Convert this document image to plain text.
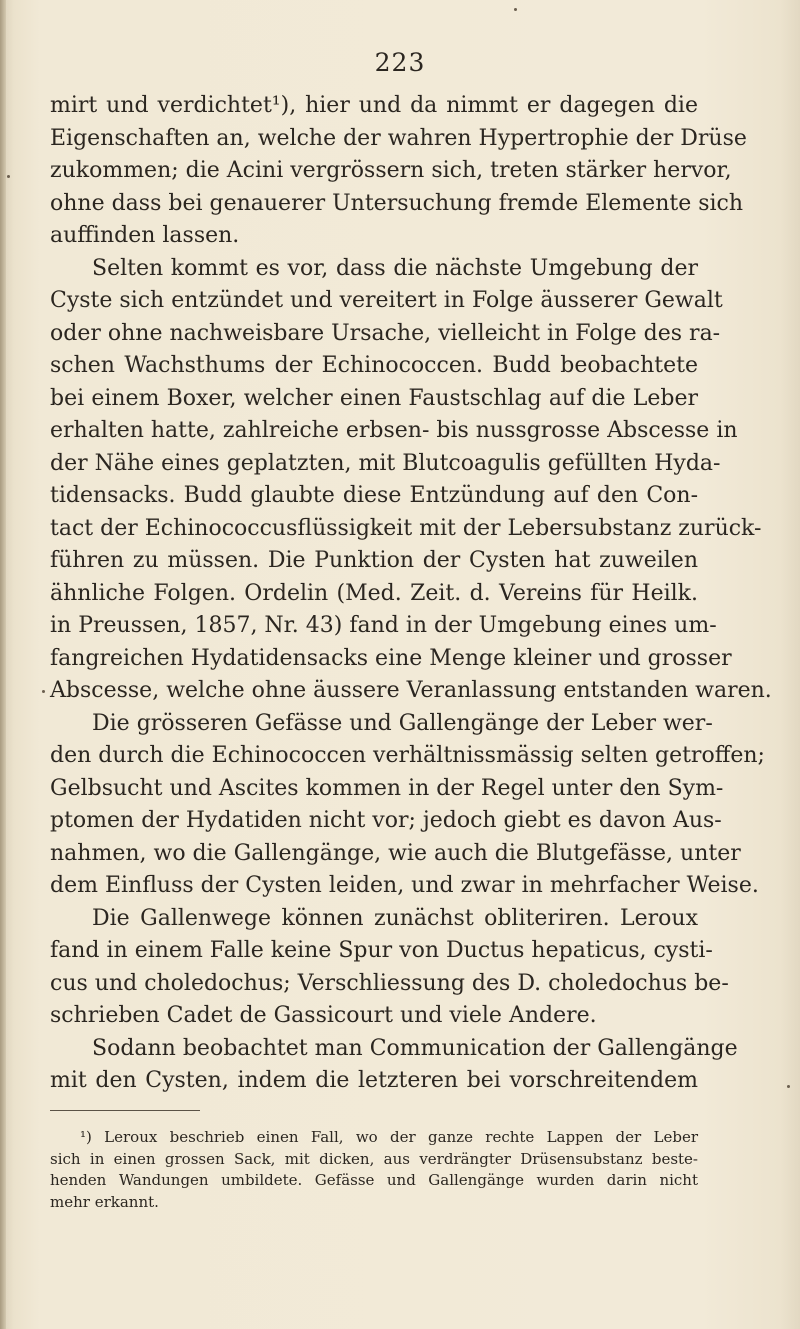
223
mirt und verdichtet¹), hier und da nimmt er dagegen die
Eigenschaften an, welche der wahren Hypertrophie der Drüse
zukommen; die Acini vergrössern sich, treten stärker hervor,
ohne dass bei genauerer Untersuchung fremde Elemente sich
auffinden lassen.
Selten kommt es vor, dass die nächste Umgebung der
Cyste sich entzündet und vereitert in Folge äusserer Gewalt
oder ohne nachweisbare Ursache, vielleicht in Folge des ra-
schen Wachsthums der Echinococcen. Budd beobachtete
bei einem Boxer, welcher einen Faustschlag auf die Leber
erhalten hatte, zahlreiche erbsen- bis nussgrosse Abscesse in
der Nähe eines geplatzten, mit Blutcoagulis gefüllten Hyda-
tidensacks. Budd glaubte diese Entzündung auf den Con-
tact der Echinococcusflüssigkeit mit der Lebersubstanz zurück-
führen zu müssen. Die Punktion der Cysten hat zuweilen
ähnliche Folgen. Ordelin (Med. Zeit. d. Vereins für Heilk.
in Preussen, 1857, Nr. 43) fand in der Umgebung eines um-
fangreichen Hydatidensacks eine Menge kleiner und grosser
Abscesse, welche ohne äussere Veranlassung entstanden waren.
Die grösseren Gefässe und Gallengänge der Leber wer-
den durch die Echinococcen verhältnissmässig selten getroffen;
Gelbsucht und Ascites kommen in der Regel unter den Sym-
ptomen der Hydatiden nicht vor; jedoch giebt es davon Aus-
nahmen, wo die Gallengänge, wie auch die Blutgefässe, unter
dem Einfluss der Cysten leiden, und zwar in mehrfacher Weise.
Die Gallenwege können zunächst obliteriren. Leroux
fand in einem Falle keine Spur von Ductus hepaticus, cysti-
cus und choledochus; Verschliessung des D. choledochus be-
schrieben Cadet de Gassicourt und viele Andere.
Sodann beobachtet man Communication der Gallengänge
mit den Cysten, indem die letzteren bei vorschreitendem
¹) Leroux beschrieb einen Fall, wo der ganze rechte Lappen der Leber
sich in einen grossen Sack, mit dicken, aus verdrängter Drüsensubstanz beste-
henden Wandungen umbildete. Gefässe und Gallengänge wurden darin nicht
mehr erkannt.
